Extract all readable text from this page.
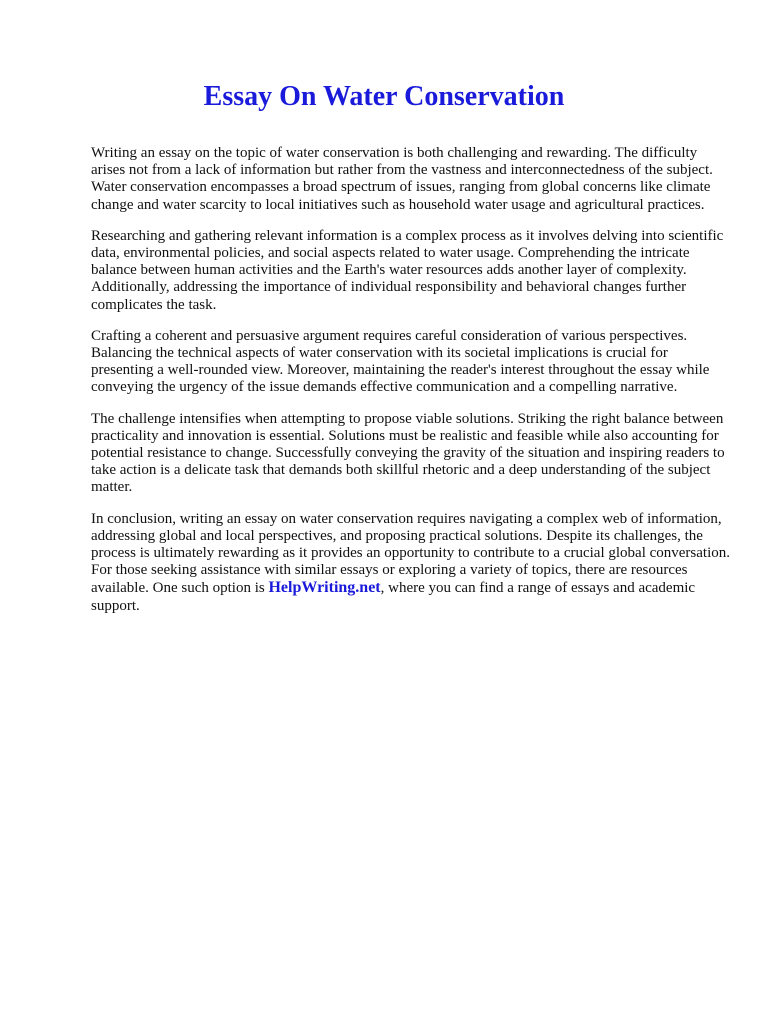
Essay On Water Conservation

Writing an essay on the topic of water conservation is both challenging and rewarding. The difficulty arises not from a lack of information but rather from the vastness and interconnectedness of the subject. Water conservation encompasses a broad spectrum of issues, ranging from global concerns like climate change and water scarcity to local initiatives such as household water usage and agricultural practices.

Researching and gathering relevant information is a complex process as it involves delving into scientific data, environmental policies, and social aspects related to water usage. Comprehending the intricate balance between human activities and the Earth's water resources adds another layer of complexity. Additionally, addressing the importance of individual responsibility and behavioral changes further complicates the task.

Crafting a coherent and persuasive argument requires careful consideration of various perspectives. Balancing the technical aspects of water conservation with its societal implications is crucial for presenting a well-rounded view. Moreover, maintaining the reader's interest throughout the essay while conveying the urgency of the issue demands effective communication and a compelling narrative.

The challenge intensifies when attempting to propose viable solutions. Striking the right balance between practicality and innovation is essential. Solutions must be realistic and feasible while also accounting for potential resistance to change. Successfully conveying the gravity of the situation and inspiring readers to take action is a delicate task that demands both skillful rhetoric and a deep understanding of the subject matter.

In conclusion, writing an essay on water conservation requires navigating a complex web of information, addressing global and local perspectives, and proposing practical solutions. Despite its challenges, the process is ultimately rewarding as it provides an opportunity to contribute to a crucial global conversation. For those seeking assistance with similar essays or exploring a variety of topics, there are resources available. One such option is HelpWriting.net, where you can find a range of essays and academic support.
